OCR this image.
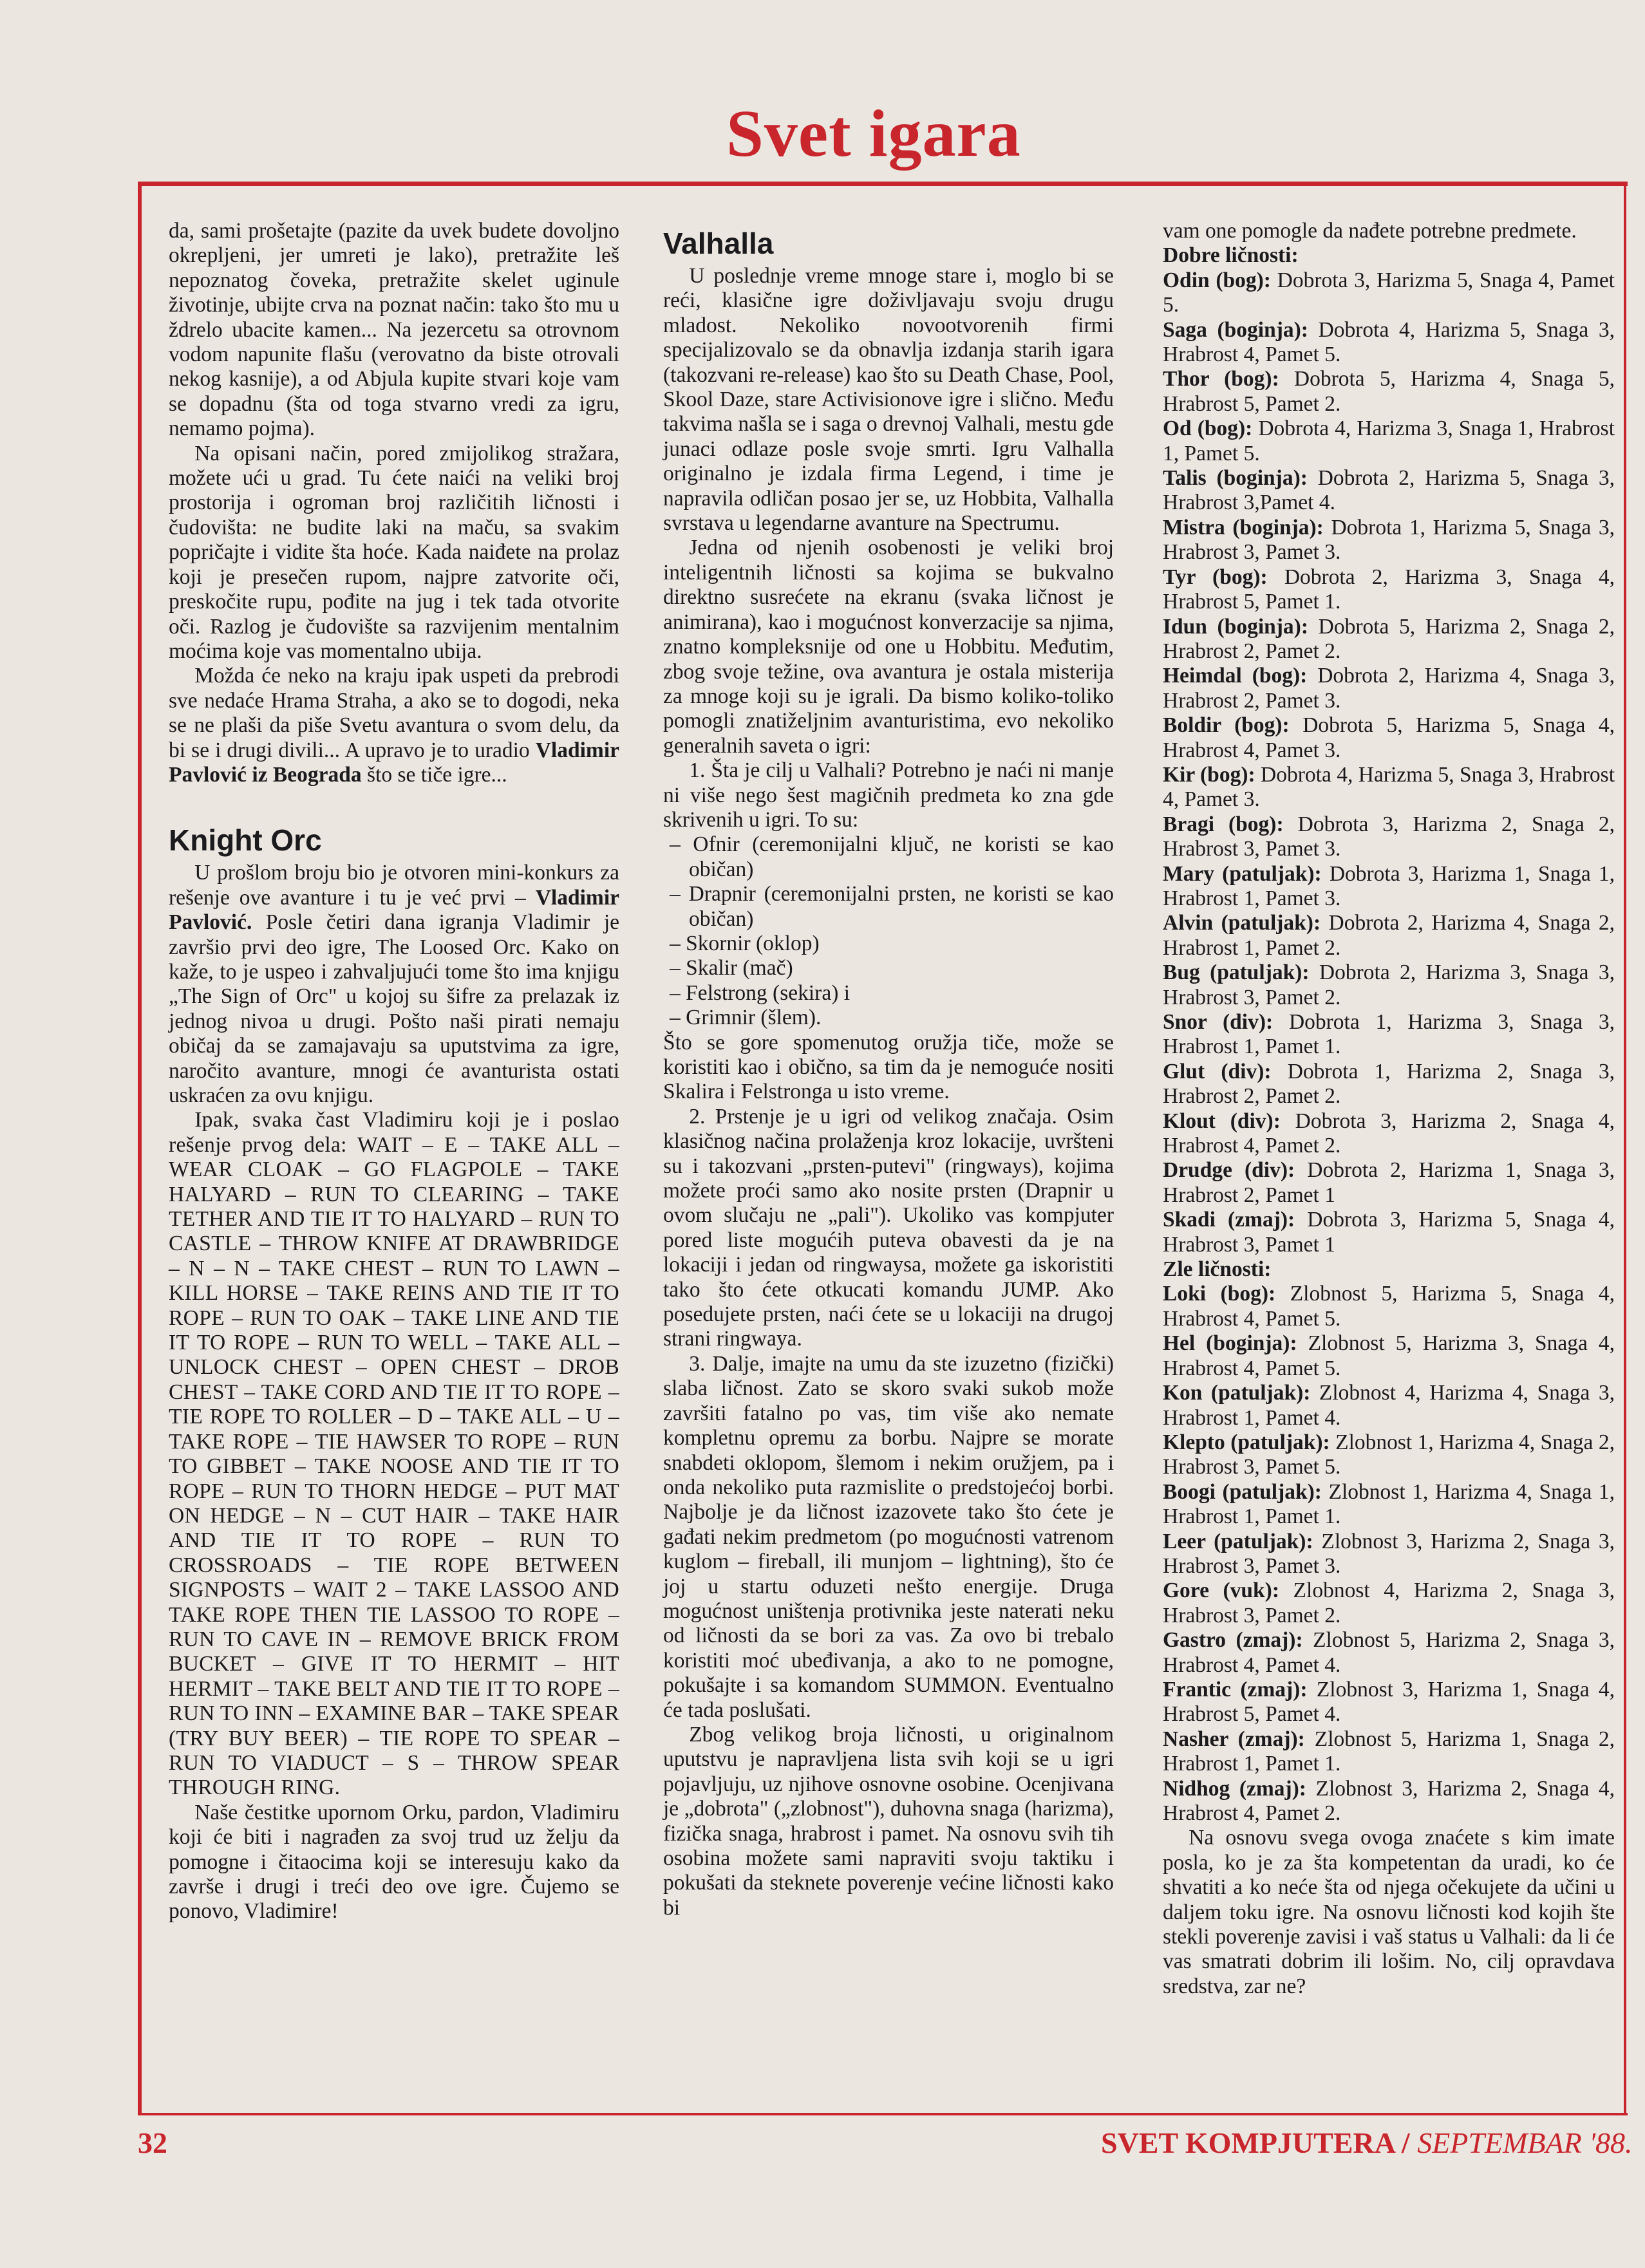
Svet igara

da, sami prošetajte (pazite da uvek budete dovoljno okrepljeni, jer umreti je lako), pretražite leš nepoznatog čoveka, pretražite skelet uginule životinje, ubijte crva na poznat način: tako što mu u ždrelo ubacite kamen... Na jezercetu sa otrovnom vodom napunite flašu (verovatno da biste otrovali nekog kasnije), a od Abjula kupite stvari koje vam se dopadnu (šta od toga stvarno vredi za igru, nemamo pojma).

Na opisani način, pored zmijolikog stražara, možete ući u grad. Tu ćete naići na veliki broj prostorija i ogroman broj različitih ličnosti i čudovišta: ne budite laki na maču, sa svakim popričajte i vidite šta hoće. Kada naiđete na prolaz koji je presečen rupom, najpre zatvorite oči, preskočite rupu, pođite na jug i tek tada otvorite oči. Razlog je čudovište sa razvijenim mentalnim moćima koje vas momentalno ubija.

Možda će neko na kraju ipak uspeti da prebrodi sve nedaće Hrama Straha, a ako se to dogodi, neka se ne plaši da piše Svetu avantura o svom delu, da bi se i drugi divili... A upravo je to uradio Vladimir Pavlović iz Beograda što se tiče igre...

Knight Orc

U prošlom broju bio je otvoren mini-konkurs za rešenje ove avanture i tu je već prvi – Vladimir Pavlović. Posle četiri dana igranja Vladimir je završio prvi deo igre, The Loosed Orc. Kako on kaže, to je uspeo i zahvaljujući tome što ima knjigu „The Sign of Orc" u kojoj su šifre za prelazak iz jednog nivoa u drugi. Pošto naši pirati nemaju običaj da se zamajavaju sa uputstvima za igre, naročito avanture, mnogi će avanturista ostati uskraćen za ovu knjigu.

Ipak, svaka čast Vladimiru koji je i poslao rešenje prvog dela: WAIT – E – TAKE ALL – WEAR CLOAK – GO FLAGPOLE – TAKE HALYARD – RUN TO CLEARING – TAKE TETHER AND TIE IT TO HALYARD – RUN TO CASTLE – THROW KNIFE AT DRAWBRIDGE – N – N – TAKE CHEST – RUN TO LAWN – KILL HORSE – TAKE REINS AND TIE IT TO ROPE – RUN TO OAK – TAKE LINE AND TIE IT TO ROPE – RUN TO WELL – TAKE ALL – UNLOCK CHEST – OPEN CHEST – DROB CHEST – TAKE CORD AND TIE IT TO ROPE – TIE ROPE TO ROLLER – D – TAKE ALL – U – TAKE ROPE – TIE HAWSER TO ROPE – RUN TO GIBBET – TAKE NOOSE AND TIE IT TO ROPE – RUN TO THORN HEDGE – PUT MAT ON HEDGE – N – CUT HAIR – TAKE HAIR AND TIE IT TO ROPE – RUN TO CROSSROADS – TIE ROPE BETWEEN SIGNPOSTS – WAIT 2 – TAKE LASSOO AND TAKE ROPE THEN TIE LASSOO TO ROPE – RUN TO CAVE IN – REMOVE BRICK FROM BUCKET – GIVE IT TO HERMIT – HIT HERMIT – TAKE BELT AND TIE IT TO ROPE – RUN TO INN – EXAMINE BAR – TAKE SPEAR (TRY BUY BEER) – TIE ROPE TO SPEAR – RUN TO VIADUCT – S – THROW SPEAR THROUGH RING.

Naše čestitke upornom Orku, pardon, Vladimiru koji će biti i nagrađen za svoj trud uz želju da pomogne i čitaocima koji se interesuju kako da završe i drugi i treći deo ove igre. Čujemo se ponovo, Vladimire!

Valhalla

U poslednje vreme mnoge stare i, moglo bi se reći, klasične igre doživljavaju svoju drugu mladost. Nekoliko novootvorenih firmi specijalizovalo se da obnavlja izdanja starih igara (takozvani re-release) kao što su Death Chase, Pool, Skool Daze, stare Activisionove igre i slično. Među takvima našla se i saga o drevnoj Valhali, mestu gde junaci odlaze posle svoje smrti. Igru Valhalla originalno je izdala firma Legend, i time je napravila odličan posao jer se, uz Hobbita, Valhalla svrstava u legendarne avanture na Spectrumu.

Jedna od njenih osobenosti je veliki broj inteligentnih ličnosti sa kojima se bukvalno direktno susrećete na ekranu (svaka ličnost je animirana), kao i mogućnost konverzacije sa njima, znatno kompleksnije od one u Hobbitu. Međutim, zbog svoje težine, ova avantura je ostala misterija za mnoge koji su je igrali. Da bismo koliko-toliko pomogli znatiželjnim avanturistima, evo nekoliko generalnih saveta o igri:

1. Šta je cilj u Valhali? Potrebno je naći ni manje ni više nego šest magičnih predmeta ko zna gde skrivenih u igri. To su:

– Ofnir (ceremonijalni ključ, ne koristi se kao običan)
– Drapnir (ceremonijalni prsten, ne koristi se kao običan)
– Skornir (oklop)
– Skalir (mač)
– Felstrong (sekira) i
– Grimnir (šlem).

Što se gore spomenutog oružja tiče, može se koristiti kao i obično, sa tim da je nemoguće nositi Skalira i Felstronga u isto vreme.

2. Prstenje je u igri od velikog značaja. Osim klasičnog načina prolaženja kroz lokacije, uvršteni su i takozvani „prsten-putevi" (ringways), kojima možete proći samo ako nosite prsten (Drapnir u ovom slučaju ne „pali"). Ukoliko vas kompjuter pored liste mogućih puteva obavesti da je na lokaciji i jedan od ringwaysa, možete ga iskoristiti tako što ćete otkucati komandu JUMP. Ako posedujete prsten, naći ćete se u lokaciji na drugoj strani ringwaya.

3. Dalje, imajte na umu da ste izuzetno (fizički) slaba ličnost. Zato se skoro svaki sukob može završiti fatalno po vas, tim više ako nemate kompletnu opremu za borbu. Najpre se morate snabdeti oklopom, šlemom i nekim oružjem, pa i onda nekoliko puta razmislite o predstojećoj borbi. Najbolje je da ličnost izazovete tako što ćete je gađati nekim predmetom (po mogućnosti vatrenom kuglom – fireball, ili munjom – lightning), što će joj u startu oduzeti nešto energije. Druga mogućnost uništenja protivnika jeste naterati neku od ličnosti da se bori za vas. Za ovo bi trebalo koristiti moć ubeđivanja, a ako to ne pomogne, pokušajte i sa komandom SUMMON. Eventualno će tada poslušati.

Zbog velikog broja ličnosti, u originalnom uputstvu je napravljena lista svih koji se u igri pojavljuju, uz njihove osnovne osobine. Ocenjivana je „dobrota" („zlobnost"), duhovna snaga (harizma), fizička snaga, hrabrost i pamet. Na osnovu svih tih osobina možete sami napraviti svoju taktiku i pokušati da steknete poverenje većine ličnosti kako bi

vam one pomogle da nađete potrebne predmete.

Dobre ličnosti:

Odin (bog): Dobrota 3, Harizma 5, Snaga 4, Pamet 5.

Saga (boginja): Dobrota 4, Harizma 5, Snaga 3, Hrabrost 4, Pamet 5.

Thor (bog): Dobrota 5, Harizma 4, Snaga 5, Hrabrost 5, Pamet 2.

Od (bog): Dobrota 4, Harizma 3, Snaga 1, Hrabrost 1, Pamet 5.

Talis (boginja): Dobrota 2, Harizma 5, Snaga 3, Hrabrost 3,Pamet 4.

Mistra (boginja): Dobrota 1, Harizma 5, Snaga 3, Hrabrost 3, Pamet 3.

Tyr (bog): Dobrota 2, Harizma 3, Snaga 4, Hrabrost 5, Pamet 1.

Idun (boginja): Dobrota 5, Harizma 2, Snaga 2, Hrabrost 2, Pamet 2.

Heimdal (bog): Dobrota 2, Harizma 4, Snaga 3, Hrabrost 2, Pamet 3.

Boldir (bog): Dobrota 5, Harizma 5, Snaga 4, Hrabrost 4, Pamet 3.

Kir (bog): Dobrota 4, Harizma 5, Snaga 3, Hrabrost 4, Pamet 3.

Bragi (bog): Dobrota 3, Harizma 2, Snaga 2, Hrabrost 3, Pamet 3.

Mary (patuljak): Dobrota 3, Harizma 1, Snaga 1, Hrabrost 1, Pamet 3.

Alvin (patuljak): Dobrota 2, Harizma 4, Snaga 2, Hrabrost 1, Pamet 2.

Bug (patuljak): Dobrota 2, Harizma 3, Snaga 3, Hrabrost 3, Pamet 2.

Snor (div): Dobrota 1, Harizma 3, Snaga 3, Hrabrost 1, Pamet 1.

Glut (div): Dobrota 1, Harizma 2, Snaga 3, Hrabrost 2, Pamet 2.

Klout (div): Dobrota 3, Harizma 2, Snaga 4, Hrabrost 4, Pamet 2.

Drudge (div): Dobrota 2, Harizma 1, Snaga 3, Hrabrost 2, Pamet 1

Skadi (zmaj): Dobrota 3, Harizma 5, Snaga 4, Hrabrost 3, Pamet 1

Zle ličnosti:

Loki (bog): Zlobnost 5, Harizma 5, Snaga 4, Hrabrost 4, Pamet 5.

Hel (boginja): Zlobnost 5, Harizma 3, Snaga 4, Hrabrost 4, Pamet 5.

Kon (patuljak): Zlobnost 4, Harizma 4, Snaga 3, Hrabrost 1, Pamet 4.

Klepto (patuljak): Zlobnost 1, Harizma 4, Snaga 2, Hrabrost 3, Pamet 5.

Boogi (patuljak): Zlobnost 1, Harizma 4, Snaga 1, Hrabrost 1, Pamet 1.

Leer (patuljak): Zlobnost 3, Harizma 2, Snaga 3, Hrabrost 3, Pamet 3.

Gore (vuk): Zlobnost 4, Harizma 2, Snaga 3, Hrabrost 3, Pamet 2.

Gastro (zmaj): Zlobnost 5, Harizma 2, Snaga 3, Hrabrost 4, Pamet 4.

Frantic (zmaj): Zlobnost 3, Harizma 1, Snaga 4, Hrabrost 5, Pamet 4.

Nasher (zmaj): Zlobnost 5, Harizma 1, Snaga 2, Hrabrost 1, Pamet 1.

Nidhog (zmaj): Zlobnost 3, Harizma 2, Snaga 4, Hrabrost 4, Pamet 2.

Na osnovu svega ovoga znaćete s kim imate posla, ko je za šta kompetentan da uradi, ko će shvatiti a ko neće šta od njega očekujete da učini u daljem toku igre. Na osnovu ličnosti kod kojih šte stekli poverenje zavisi i vaš status u Valhali: da li će vas smatrati dobrim ili lošim. No, cilj opravdava sredstva, zar ne?

32	SVET KOMPJUTERA / SEPTEMBAR '88.
